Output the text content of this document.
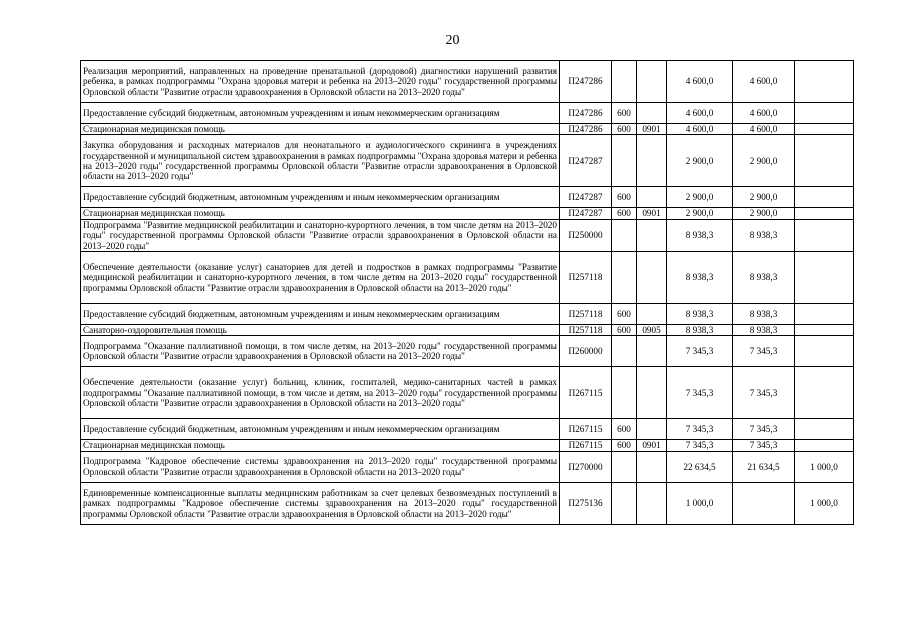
20
Реализация мероприятий, направленных на проведение пренатальной (дородовой) диагностики нарушений развития ребенка, в рамках подпрограммы "Охрана здоровья матери и ребенка на 2013–2020 годы" государственной программы Орловской области "Развитие отрасли здравоохранения в Орловской области на 2013–2020 годы"	П247286			4 600,0	4 600,0	
Предоставление субсидий бюджетным, автономным учреждениям и иным некоммерческим организациям	П247286	600		4 600,0	4 600,0	
Стационарная медицинская помощь	П247286	600	0901	4 600,0	4 600,0	
Закупка оборудования и расходных материалов для неонатального и аудиологического скрининга в учреждениях государственной и муниципальной систем здравоохранения в рамках подпрограммы "Охрана здоровья матери и ребенка на 2013–2020 годы" государственной программы Орловской области "Развитие отрасли здравоохранения в Орловской области на 2013–2020 годы"	П247287			2 900,0	2 900,0	
Предоставление субсидий бюджетным, автономным учреждениям и иным некоммерческим организациям	П247287	600		2 900,0	2 900,0	
Стационарная медицинская помощь	П247287	600	0901	2 900,0	2 900,0	
Подпрограмма "Развитие медицинской реабилитации и санаторно-курортного лечения, в том числе детям на 2013–2020 годы" государственной программы Орловской области "Развитие отрасли здравоохранения в Орловской области на 2013–2020 годы"	П250000			8 938,3	8 938,3	
Обеспечение деятельности (оказание услуг) санаториев для детей и подростков в рамках подпрограммы "Развитие медицинской реабилитации и санаторно-курортного лечения, в том числе детям на 2013–2020 годы" государственной программы Орловской области "Развитие отрасли здравоохранения в Орловской области на 2013–2020 годы"	П257118			8 938,3	8 938,3	
Предоставление субсидий бюджетным, автономным учреждениям и иным некоммерческим организациям	П257118	600		8 938,3	8 938,3	
Санаторно-оздоровительная помощь	П257118	600	0905	8 938,3	8 938,3	
Подпрограмма "Оказание паллиативной помощи, в том числе детям, на 2013–2020 годы" государственной программы Орловской области "Развитие отрасли здравоохранения в Орловской области на 2013–2020 годы"	П260000			7 345,3	7 345,3	
Обеспечение деятельности (оказание услуг) больниц, клиник, госпиталей, медико-санитарных частей в рамках подпрограммы "Оказание паллиативной помощи, в том числе и детям, на 2013–2020 годы" государственной программы Орловской области "Развитие отрасли здравоохранения в Орловской области на 2013–2020 годы"	П267115			7 345,3	7 345,3	
Предоставление субсидий бюджетным, автономным учреждениям и иным некоммерческим организациям	П267115	600		7 345,3	7 345,3	
Стационарная медицинская помощь	П267115	600	0901	7 345,3	7 345,3	
Подпрограмма "Кадровое обеспечение системы здравоохранения на 2013–2020 годы" государственной программы Орловской области "Развитие отрасли здравоохранения в Орловской области на 2013–2020 годы"	П270000			22 634,5	21 634,5	1 000,0
Единовременные компенсационные выплаты медицинским работникам за счет целевых безвозмездных поступлений в рамках подпрограммы "Кадровое обеспечение системы здравоохранения на 2013–2020 годы" государственной программы Орловской области "Развитие отрасли здравоохранения в Орловской области на 2013–2020 годы"	П275136			1 000,0		1 000,0
